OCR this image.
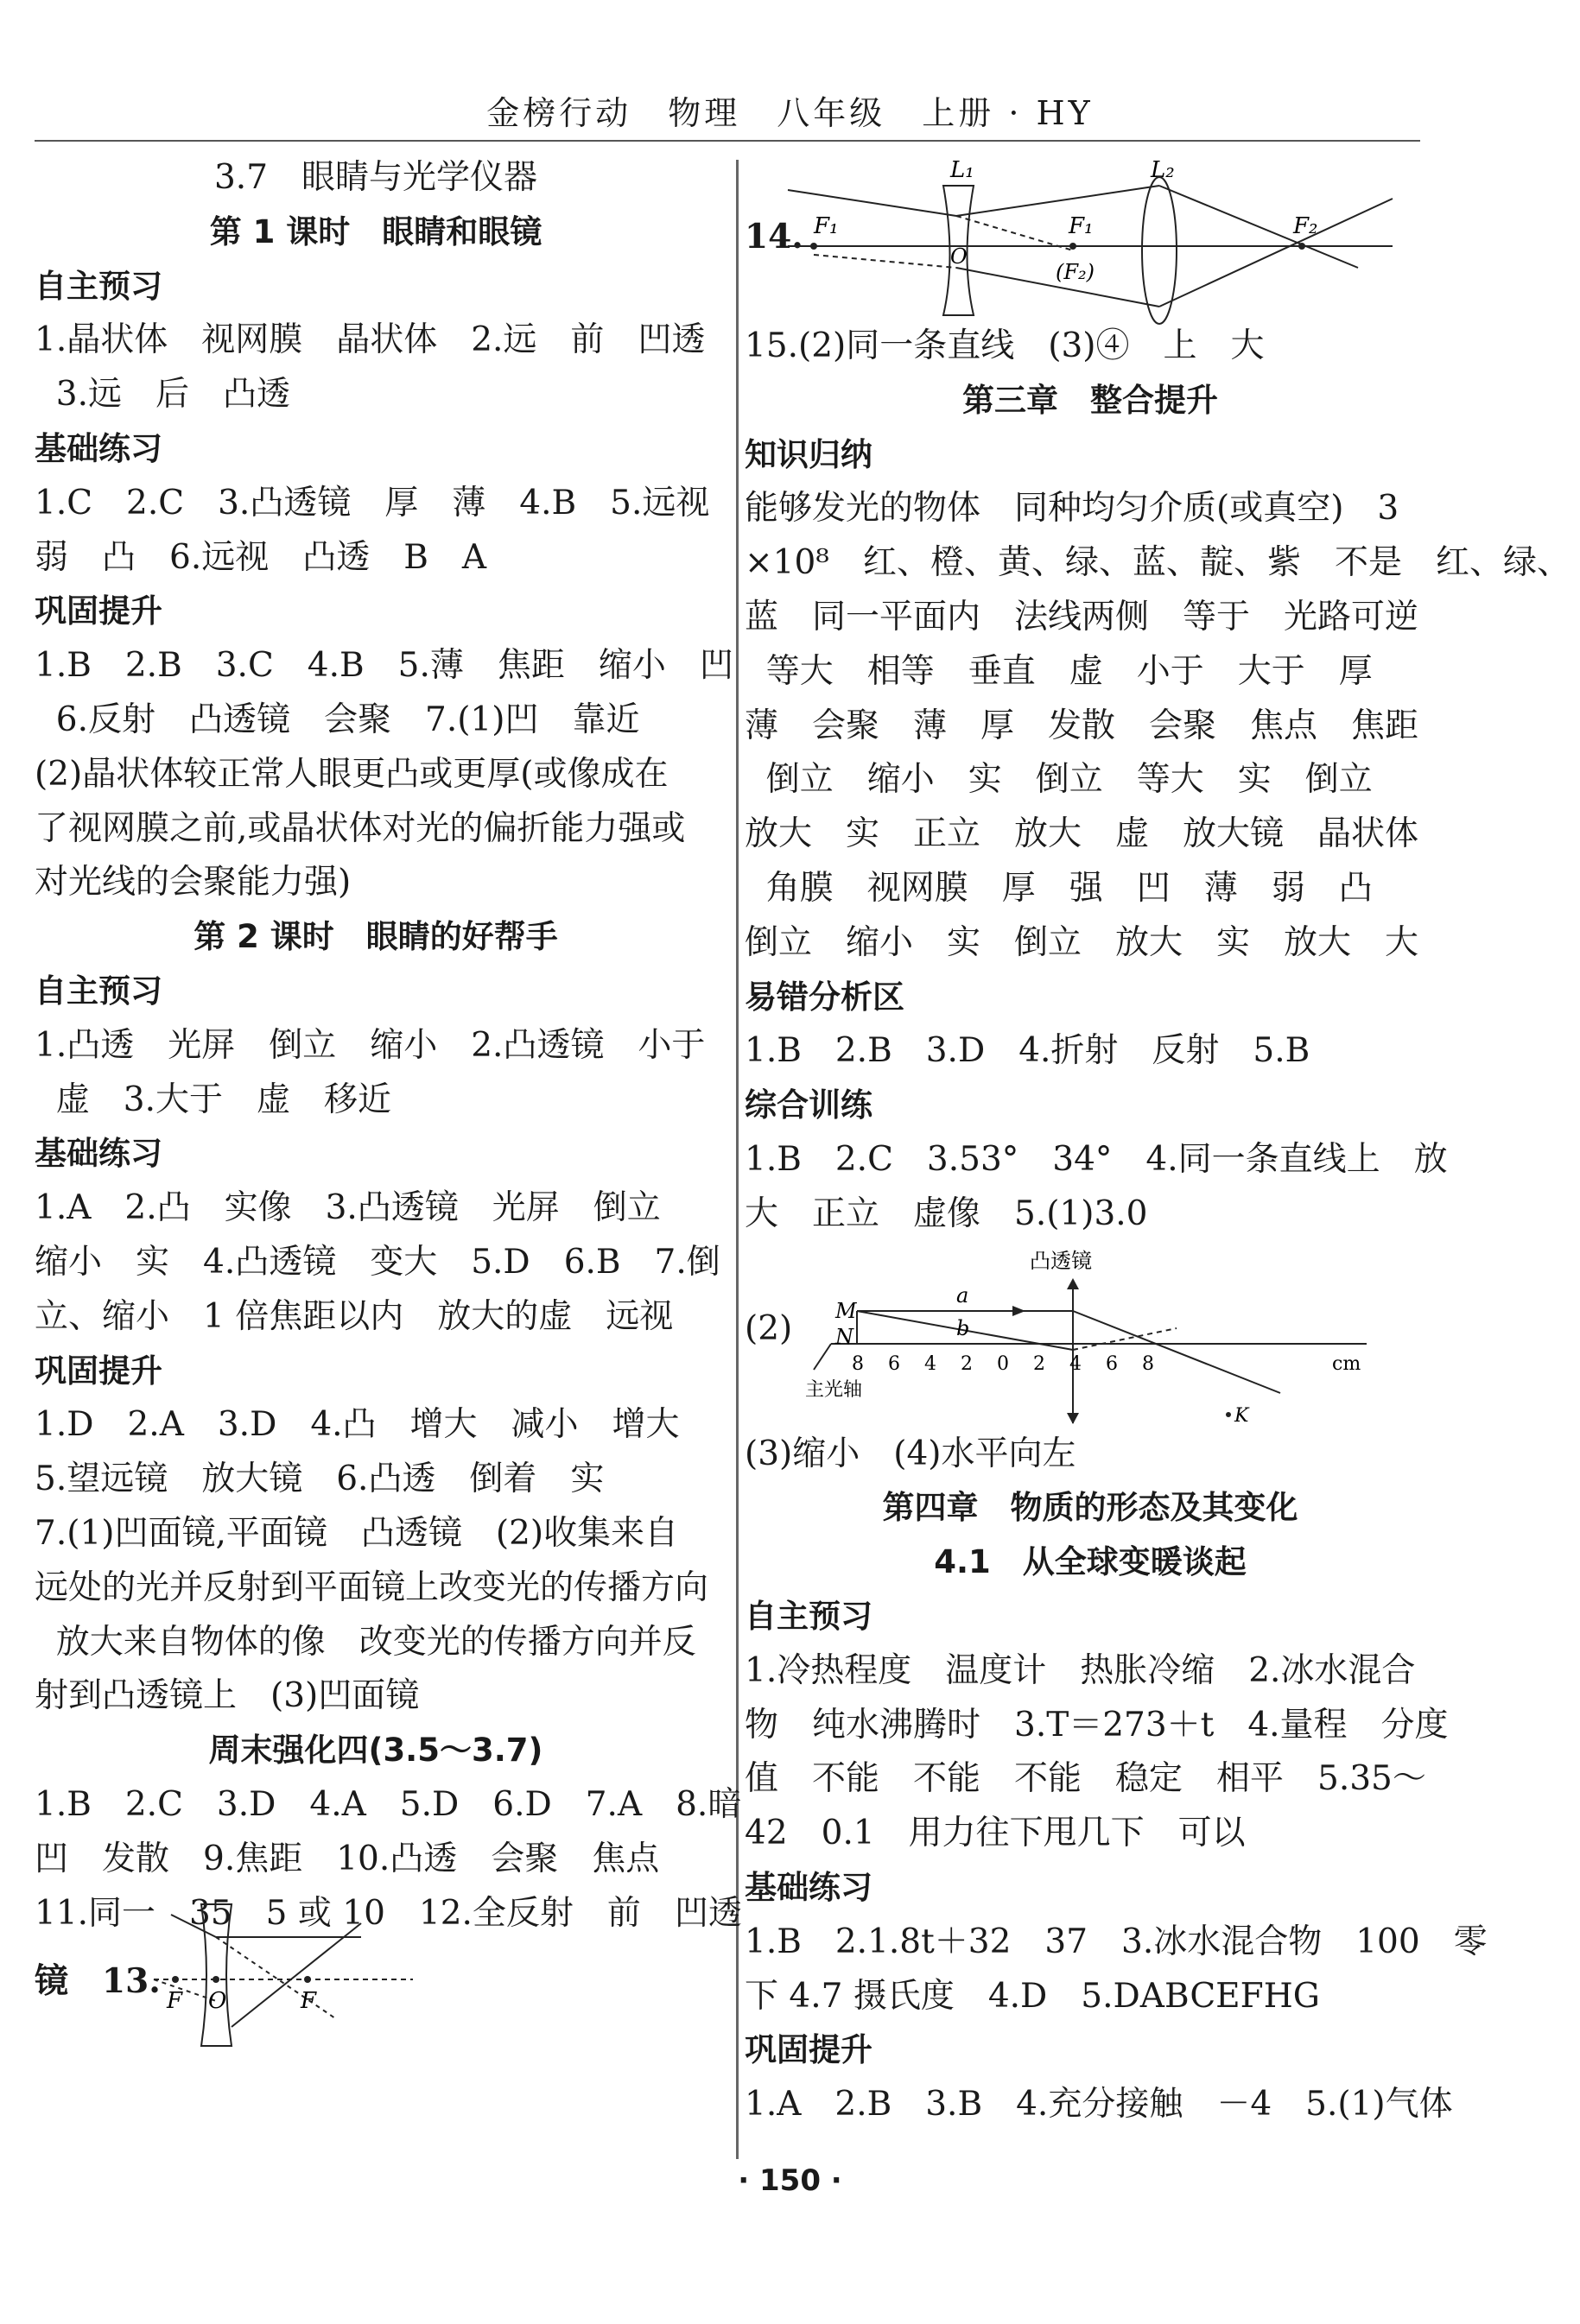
金榜行动　物理　八年级　上册 · HY
3.7　眼睛与光学仪器
第 1 课时　眼睛和眼镜
自主预习
1.晶状体　视网膜　晶状体　2.远　前　凹透
3.远　后　凸透
基础练习
1.C　2.C　3.凸透镜　厚　薄　4.B　5.远视
弱　凸　6.远视　凸透　B　A
巩固提升
1.B　2.B　3.C　4.B　5.薄　焦距　缩小　凹
6.反射　凸透镜　会聚　7.(1)凹　靠近
(2)晶状体较正常人眼更凸或更厚(或像成在
了视网膜之前,或晶状体对光的偏折能力强或
对光线的会聚能力强)
第 2 课时　眼睛的好帮手
自主预习
1.凸透　光屏　倒立　缩小　2.凸透镜　小于
虚　3.大于　虚　移近
基础练习
1.A　2.凸　实像　3.凸透镜　光屏　倒立
缩小　实　4.凸透镜　变大　5.D　6.B　7.倒
立、缩小　1 倍焦距以内　放大的虚　远视
巩固提升
1.D　2.A　3.D　4.凸　增大　减小　增大
5.望远镜　放大镜　6.凸透　倒着　实
7.(1)凹面镜,平面镜　凸透镜　(2)收集来自
远处的光并反射到平面镜上改变光的传播方向
放大来自物体的像　改变光的传播方向并反
射到凸透镜上　(3)凹面镜
周末强化四(3.5～3.7)
1.B　2.C　3.D　4.A　5.D　6.D　7.A　8.暗
凹　发散　9.焦距　10.凸透　会聚　焦点
11.同一　35　5 或 10　12.全反射　前　凹透
镜　13. F O	F
14.
L₁	L₂
F₁	F₁
(F₂)
F₂
O
15.(2)同一条直线　(3)④　上　大
第三章　整合提升
知识归纳
能够发光的物体　同种均匀介质(或真空)　3
×10⁸　红、橙、黄、绿、蓝、靛、紫　不是　红、绿、
蓝　同一平面内　法线两侧　等于　光路可逆
等大　相等　垂直　虚　小于　大于　厚
薄　会聚　薄　厚　发散　会聚　焦点　焦距
倒立　缩小　实　倒立　等大　实　倒立
放大　实　正立　放大　虚　放大镜　晶状体
角膜　视网膜　厚　强　凹　薄　弱　凸
倒立　缩小　实　倒立　放大　实　放大　大
易错分析区
1.B　2.B　3.D　4.折射　反射　5.B
综合训练
1.B　2.C　3.53°　34°　4.同一条直线上　放
大　正立　虚像　5.(1)3.0
(2)
凸透镜
M
N
a
b
8 6 4 2 0 2 4 6 8	cm
主光轴
K
(3)缩小　(4)水平向左
第四章　物质的形态及其变化
4.1　从全球变暖谈起
自主预习
1.冷热程度　温度计　热胀冷缩　2.冰水混合
物　纯水沸腾时　3.T＝273＋t　4.量程　分度
值　不能　不能　不能　稳定　相平　5.35～
42　0.1　用力往下甩几下　可以
基础练习
1.B　2.1.8t＋32　37　3.冰水混合物　100　零
下 4.7 摄氏度　4.D　5.DABCEFHG
巩固提升
1.A　2.B　3.B　4.充分接触　－4　5.(1)气体
· 150 ·
